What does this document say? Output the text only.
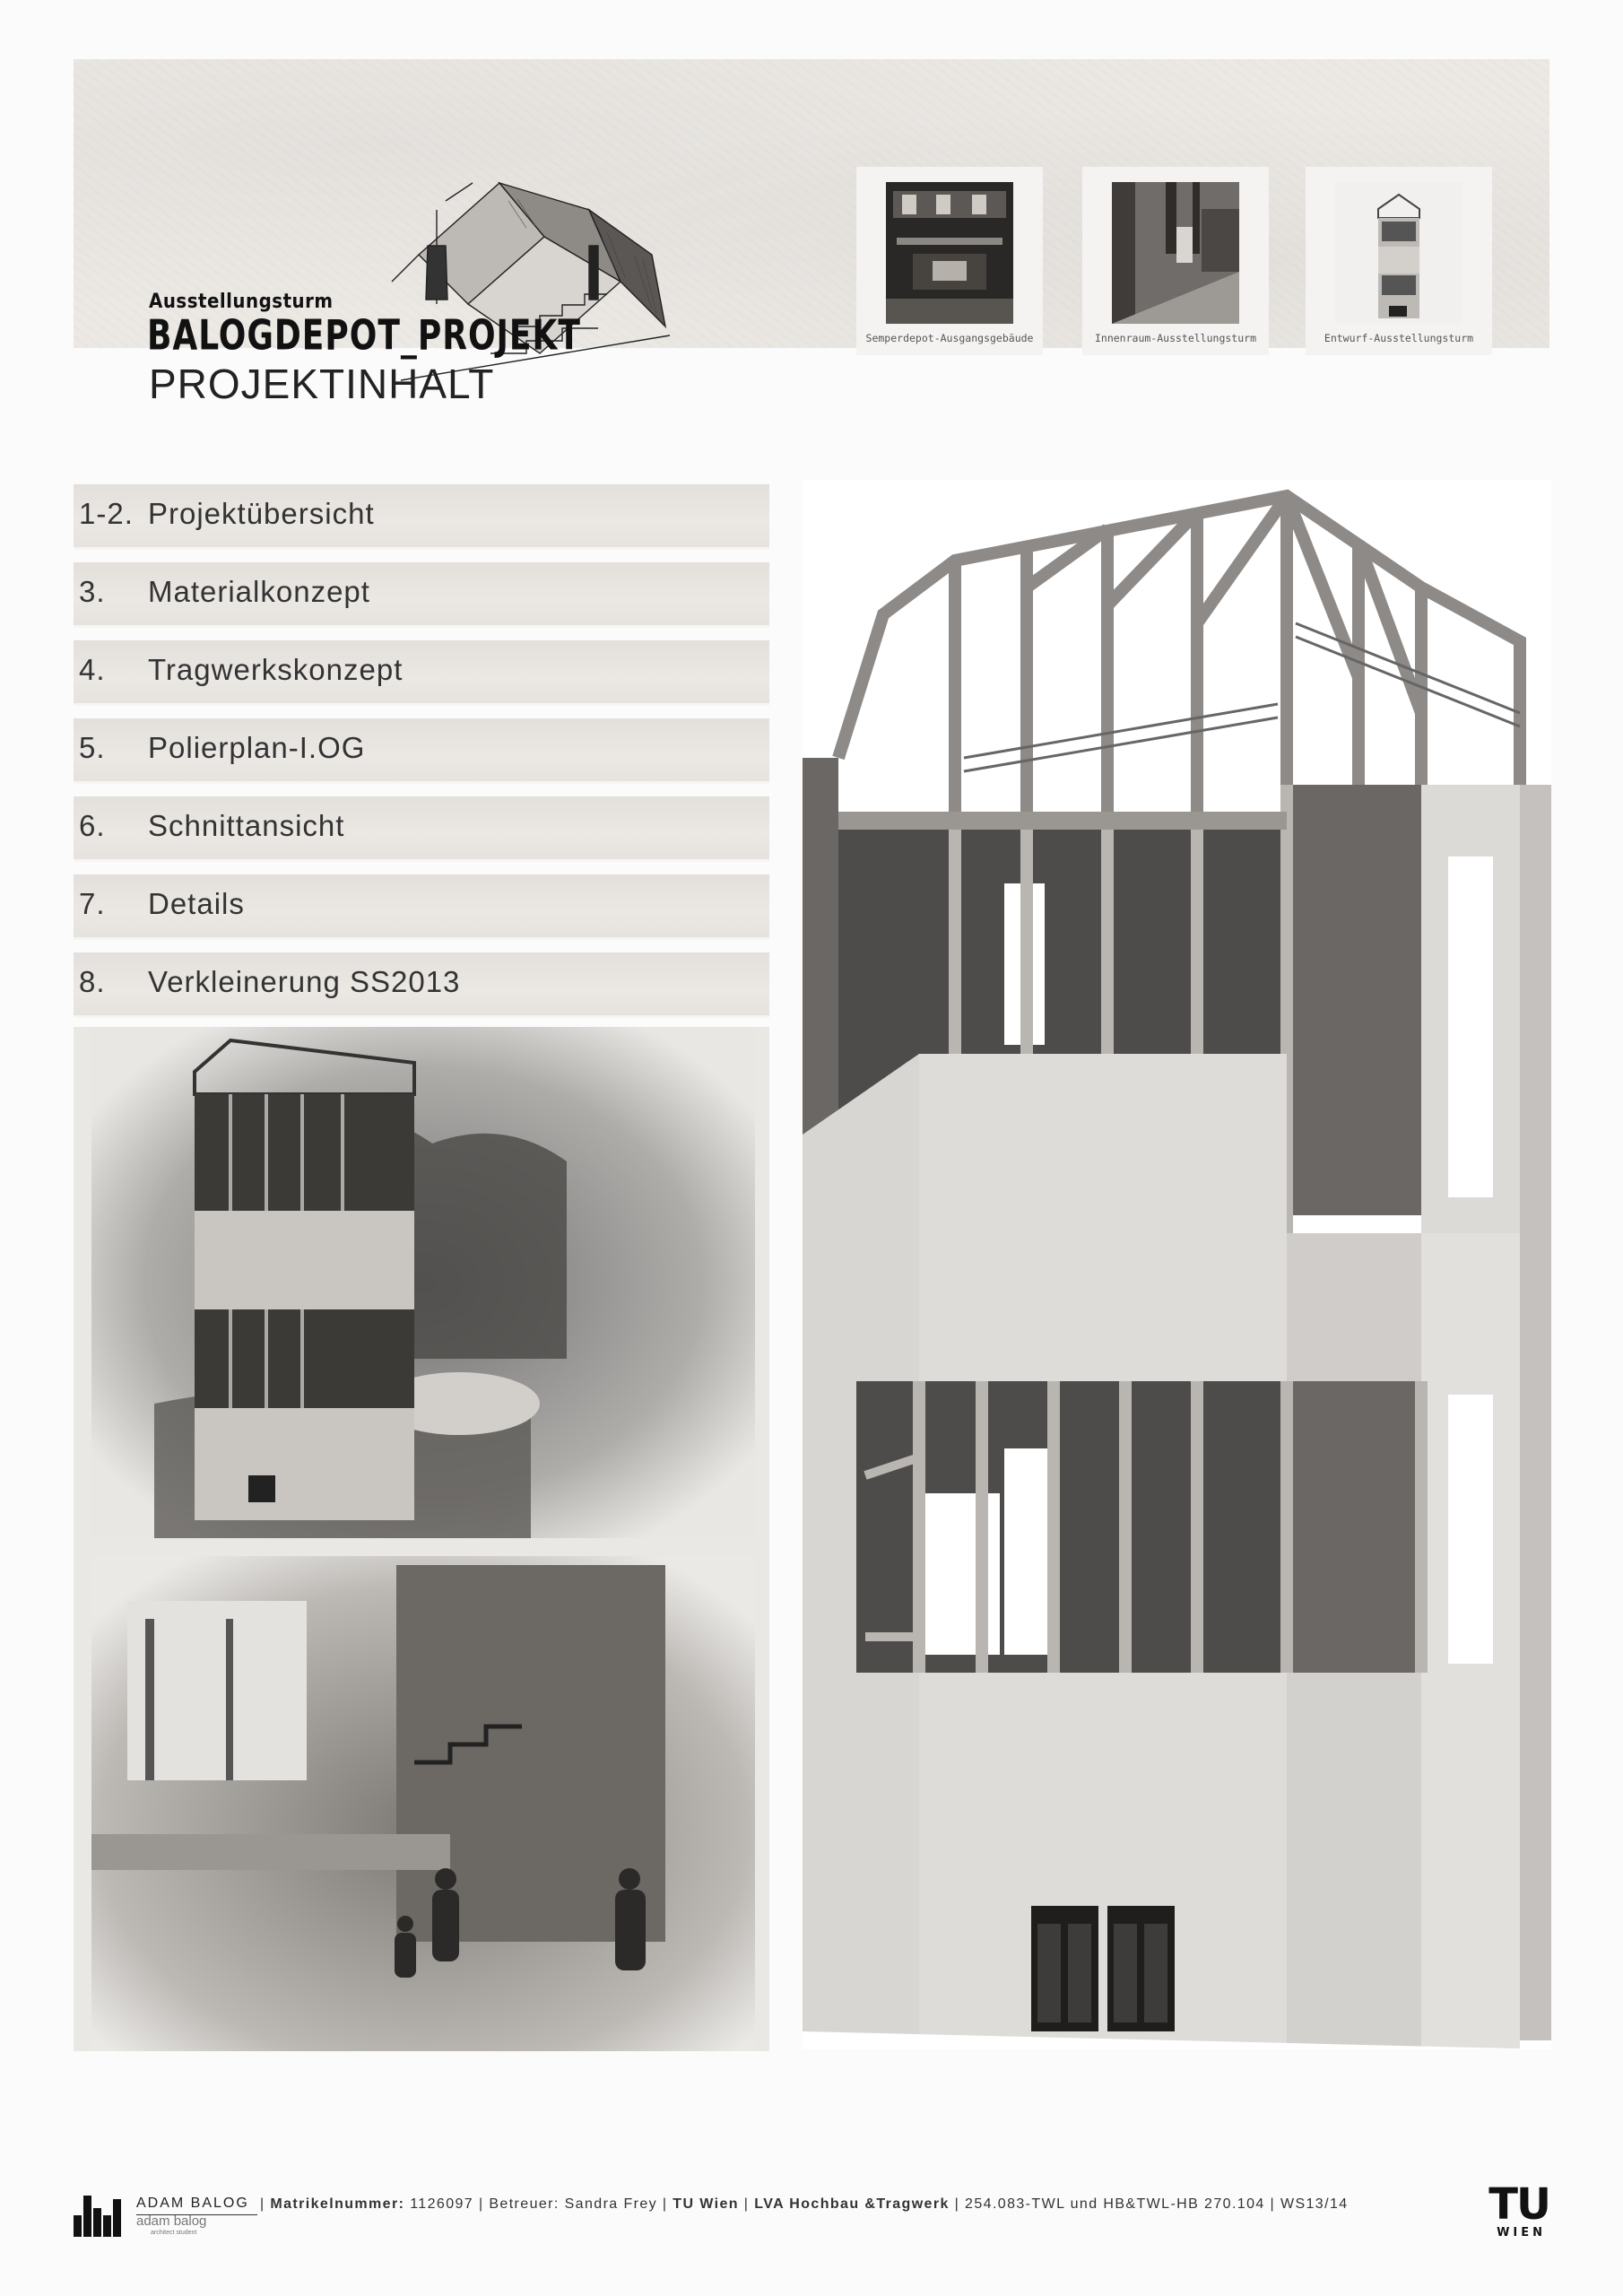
Ausstellungsturm

BALOGDEPOT_PROJEKT

PROJEKTINHALT

Semperdepot-Ausgangsgebäude	Innenraum-Ausstellungsturm	Entwurf-Ausstellungsturm
1-2. Projektübersicht
3. Materialkonzept
4. Tragwerkskonzept
5. Polierplan-I.OG
6. Schnittansicht
7. Details
8. Verkleinerung SS2013
ADAM BALOG
adam balog
architect student
| Matrikelnummer: 1126097 | Betreuer: Sandra Frey | TU Wien | LVA Hochbau &Tragwerk | 254.083-TWL und HB&TWL-HB 270.104 | WS13/14	TU
WIEN
